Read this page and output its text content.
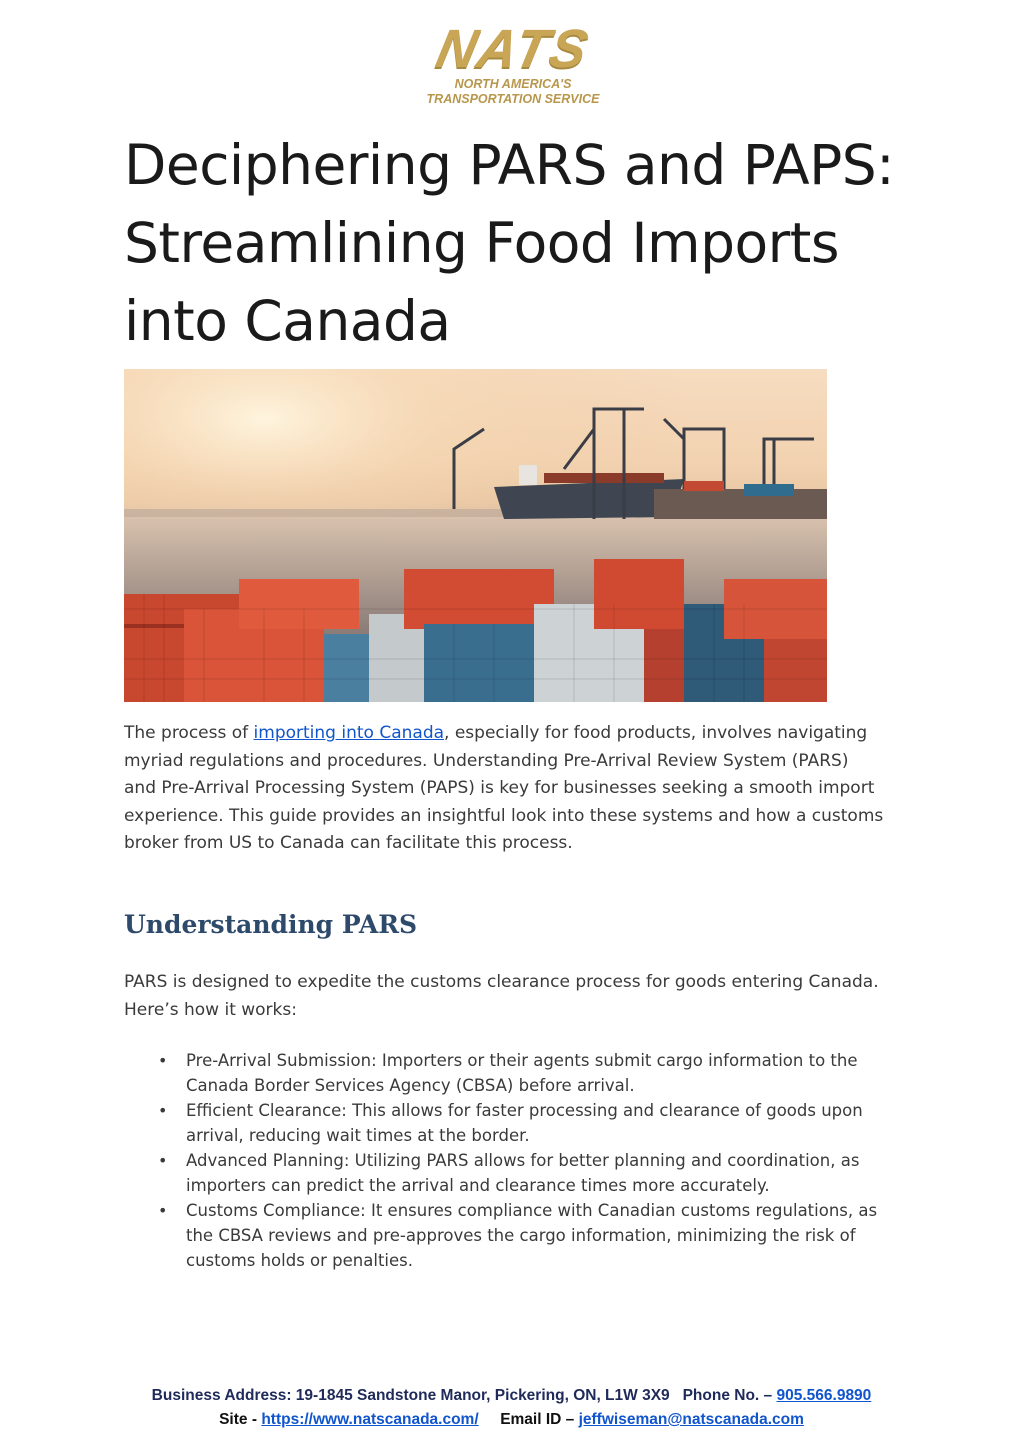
NATS
NORTH AMERICA'S
TRANSPORTATION SERVICE
Deciphering PARS and PAPS: Streamlining Food Imports into Canada

The process of importing into Canada, especially for food products, involves navigating myriad regulations and procedures. Understanding Pre-Arrival Review System (PARS) and Pre-Arrival Processing System (PAPS) is key for businesses seeking a smooth import experience. This guide provides an insightful look into these systems and how a customs broker from US to Canada can facilitate this process.

Understanding PARS

PARS is designed to expedite the customs clearance process for goods entering Canada. Here’s how it works:

• Pre-Arrival Submission: Importers or their agents submit cargo information to the Canada Border Services Agency (CBSA) before arrival.
• Efficient Clearance: This allows for faster processing and clearance of goods upon arrival, reducing wait times at the border.
• Advanced Planning: Utilizing PARS allows for better planning and coordination, as importers can predict the arrival and clearance times more accurately.
• Customs Compliance: It ensures compliance with Canadian customs regulations, as the CBSA reviews and pre-approves the cargo information, minimizing the risk of customs holds or penalties.
Business Address: 19-1845 Sandstone Manor, Pickering, ON, L1W 3X9 Phone No. – 905.566.9890
Site - https://www.natscanada.com/ Email ID – jeffwiseman@natscanada.com
